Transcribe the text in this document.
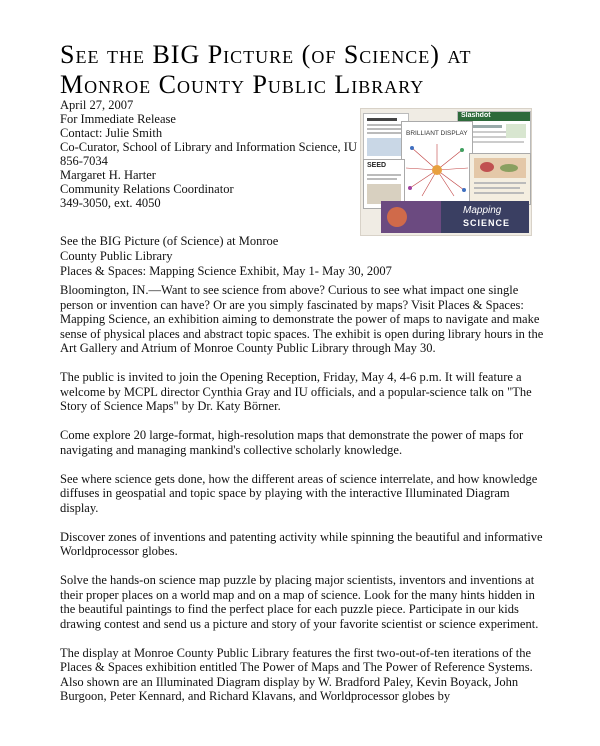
See the BIG Picture (of Science) at
Monroe County Public Library
April 27, 2007
For Immediate Release
Contact: Julie Smith
Co-Curator, School of Library and Information Science, IU
856-7034
Margaret H. Harter
Community Relations Coordinator
349-3050, ext. 4050
Slashdot
BRILLIANT DISPLAY
SEED
Mapping
SCIENCE
See the BIG Picture (of Science) at Monroe
County Public Library
Places & Spaces: Mapping Science Exhibit, May 1- May 30, 2007

Bloomington, IN.—Want to see science from above? Curious to see what impact one single person or invention can have? Or are you simply fascinated by maps? Visit Places & Spaces: Mapping Science, an exhibition aiming to demonstrate the power of maps to navigate and make sense of physical places and abstract topic spaces. The exhibit is open during library hours in the Art Gallery and Atrium of Monroe County Public Library through May 30.

The public is invited to join the Opening Reception, Friday, May 4, 4-6 p.m. It will feature a welcome by MCPL director Cynthia Gray and IU officials, and a popular-science talk on "The Story of Science Maps" by Dr. Katy Börner.

Come explore 20 large-format, high-resolution maps that demonstrate the power of maps for navigating and managing mankind's collective scholarly knowledge.

See where science gets done, how the different areas of science interrelate, and how knowledge diffuses in geospatial and topic space by playing with the interactive Illuminated Diagram display.

Discover zones of inventions and patenting activity while spinning the beautiful and informative Worldprocessor globes.

Solve the hands-on science map puzzle by placing major scientists, inventors and inventions at their proper places on a world map and on a map of science. Look for the many hints hidden in the beautiful paintings to find the perfect place for each puzzle piece. Participate in our kids drawing contest and send us a picture and story of your favorite scientist or science experiment.

The display at Monroe County Public Library features the first two-out-of-ten iterations of the Places & Spaces exhibition entitled The Power of Maps and The Power of Reference Systems. Also shown are an Illuminated Diagram display by W. Bradford Paley, Kevin Boyack, John Burgoon, Peter Kennard, and Richard Klavans, and Worldprocessor globes by
